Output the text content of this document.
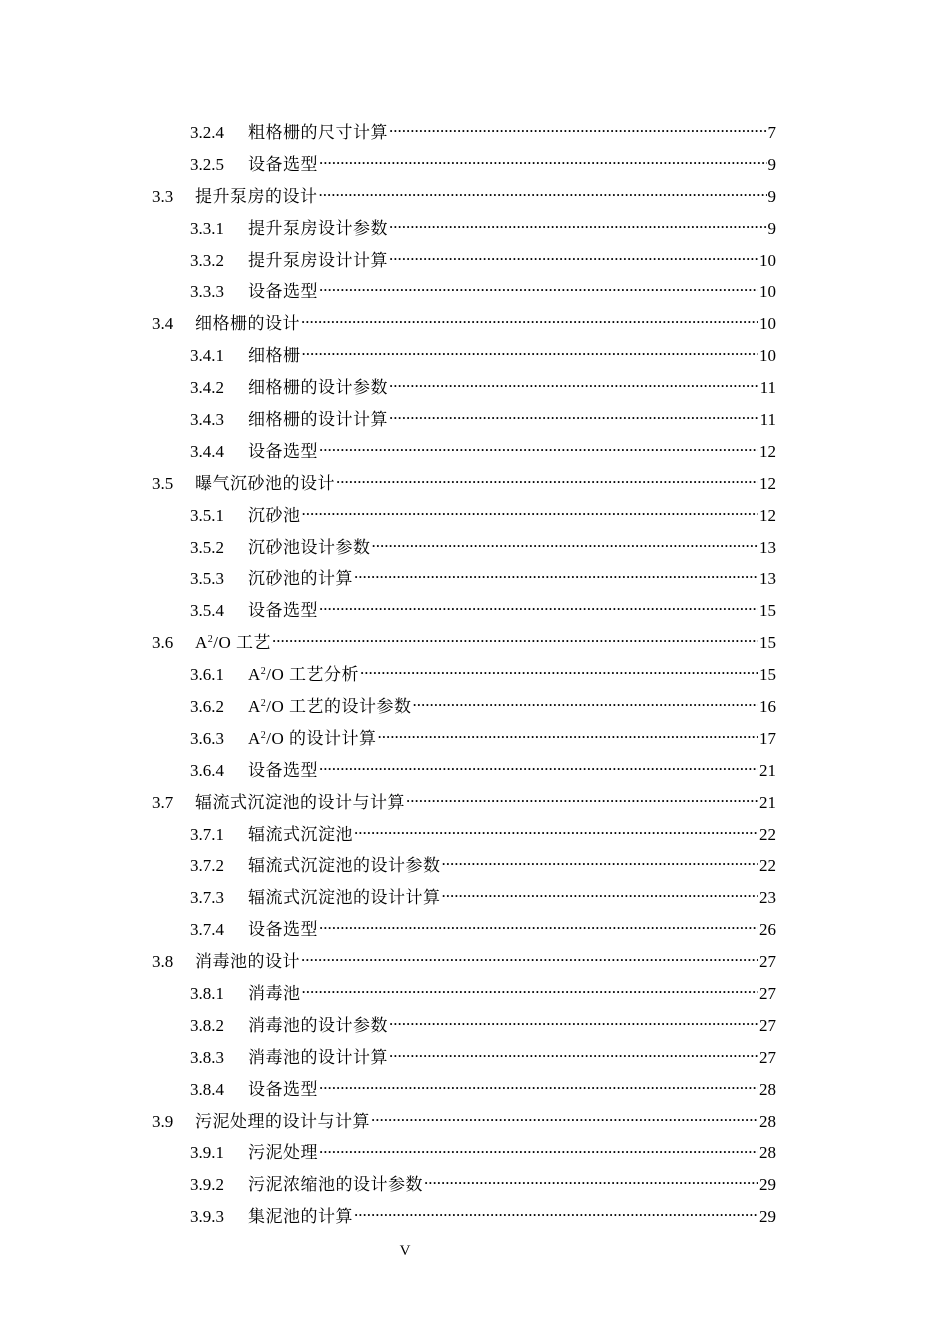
3.2.4	粗格栅的尺寸计算 .....	7
3.2.5	设备选型 .....	9
3.3	提升泵房的设计 .....	9
3.3.1	提升泵房设计参数 .....	9
3.3.2	提升泵房设计计算 .....	10
3.3.3	设备选型 .....	10
3.4	细格栅的设计 .....	10
3.4.1	细格栅 .....	10
3.4.2	细格栅的设计参数 .....	11
3.4.3	细格栅的设计计算 .....	11
3.4.4	设备选型 .....	12
3.5	曝气沉砂池的设计 .....	12
3.5.1	沉砂池 .....	12
3.5.2	沉砂池设计参数 .....	13
3.5.3	沉砂池的计算 .....	13
3.5.4	设备选型 .....	15
3.6	$A^2/O$ 工艺 .....	15
3.6.1	$A^2/O$ 工艺分析 .....	15
3.6.2	$A^2/O$ 工艺的设计参数 .....	16
3.6.3	$A^2/O$ 的设计计算 .....	17
3.6.4	设备选型 .....	21
3.7	辐流式沉淀池的设计与计算 .....	21
3.7.1	辐流式沉淀池 .....	22
3.7.2	辐流式沉淀池的设计参数 .....	22
3.7.3	辐流式沉淀池的设计计算 .....	23
3.7.4	设备选型 .....	26
3.8	消毒池的设计 .....	27
3.8.1	消毒池 .....	27
3.8.2	消毒池的设计参数 .....	27
3.8.3	消毒池的设计计算 .....	27
3.8.4	设备选型 .....	28
3.9	污泥处理的设计与计算 .....	28
3.9.1	污泥处理 .....	28
3.9.2	污泥浓缩池的设计参数 .....	29
3.9.3	集泥池的计算 .....	29
V
